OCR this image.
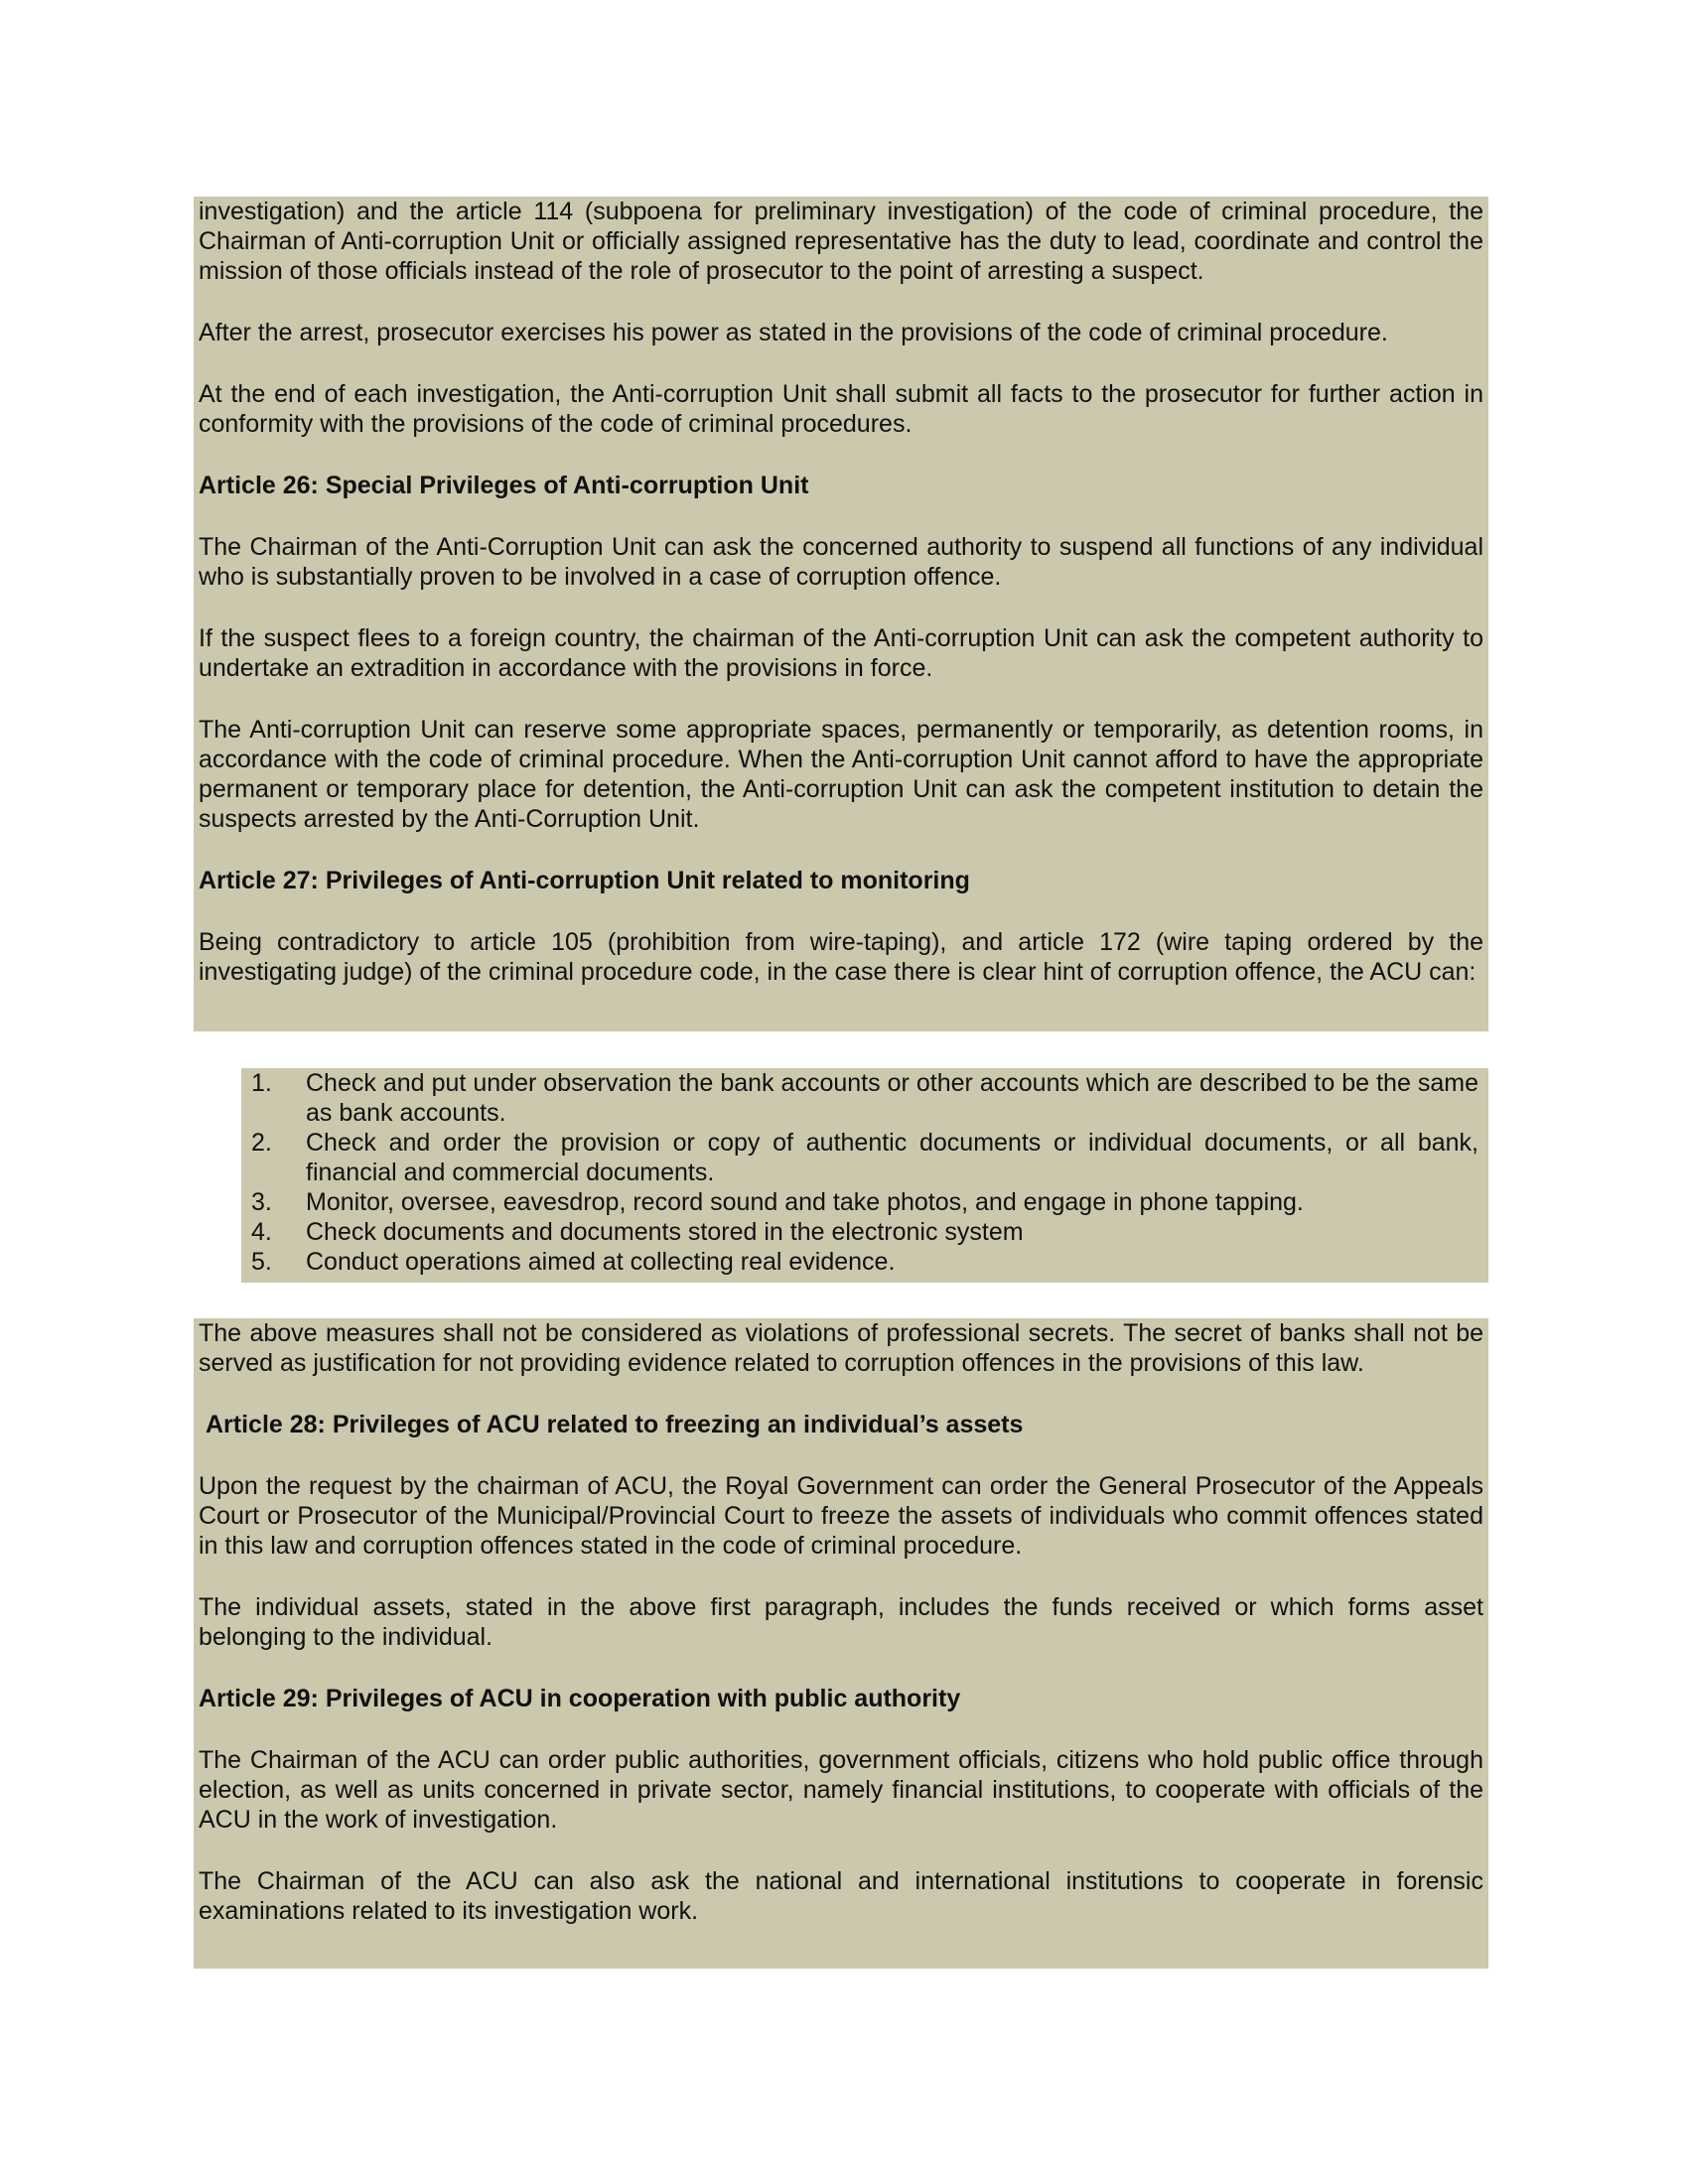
investigation) and the article 114 (subpoena for preliminary investigation) of the code of criminal procedure, the Chairman of Anti-corruption Unit or officially assigned representative has the duty to lead, coordinate and control the mission of those officials instead of the role of prosecutor to the point of arresting a suspect.

After the arrest, prosecutor exercises his power as stated in the provisions of the code of criminal procedure.

At the end of each investigation, the Anti-corruption Unit shall submit all facts to the prosecutor for further action in conformity with the provisions of the code of criminal procedures.

Article 26: Special Privileges of Anti-corruption Unit

The Chairman of the Anti-Corruption Unit can ask the concerned authority to suspend all functions of any individual who is substantially proven to be involved in a case of corruption offence.

If the suspect flees to a foreign country, the chairman of the Anti-corruption Unit can ask the competent authority to undertake an extradition in accordance with the provisions in force.

The Anti-corruption Unit can reserve some appropriate spaces, permanently or temporarily, as detention rooms, in accordance with the code of criminal procedure. When the Anti-corruption Unit cannot afford to have the appropriate permanent or temporary place for detention, the Anti-corruption Unit can ask the competent institution to detain the suspects arrested by the Anti-Corruption Unit.

Article 27: Privileges of Anti-corruption Unit related to monitoring

Being contradictory to article 105 (prohibition from wire-taping), and article 172 (wire taping ordered by the investigating judge) of the criminal procedure code, in the case there is clear hint of corruption offence, the ACU can:

1.	Check and put under observation the bank accounts or other accounts which are described to be the same as bank accounts.
2.	Check and order the provision or copy of authentic documents or individual documents, or all bank, financial and commercial documents.
3.	Monitor, oversee, eavesdrop, record sound and take photos, and engage in phone tapping.
4.	Check documents and documents stored in the electronic system
5.	Conduct operations aimed at collecting real evidence.

The above measures shall not be considered as violations of professional secrets. The secret of banks shall not be served as justification for not providing evidence related to corruption offences in the provisions of this law.

Article 28: Privileges of ACU related to freezing an individual’s assets

Upon the request by the chairman of ACU, the Royal Government can order the General Prosecutor of the Appeals Court or Prosecutor of the Municipal/Provincial Court to freeze the assets of individuals who commit offences stated in this law and corruption offences stated in the code of criminal procedure.

The individual assets, stated in the above first paragraph, includes the funds received or which forms asset belonging to the individual.

Article 29: Privileges of ACU in cooperation with public authority

The Chairman of the ACU can order public authorities, government officials, citizens who hold public office through election, as well as units concerned in private sector, namely financial institutions, to cooperate with officials of the ACU in the work of investigation.

The Chairman of the ACU can also ask the national and international institutions to cooperate in forensic examinations related to its investigation work.
